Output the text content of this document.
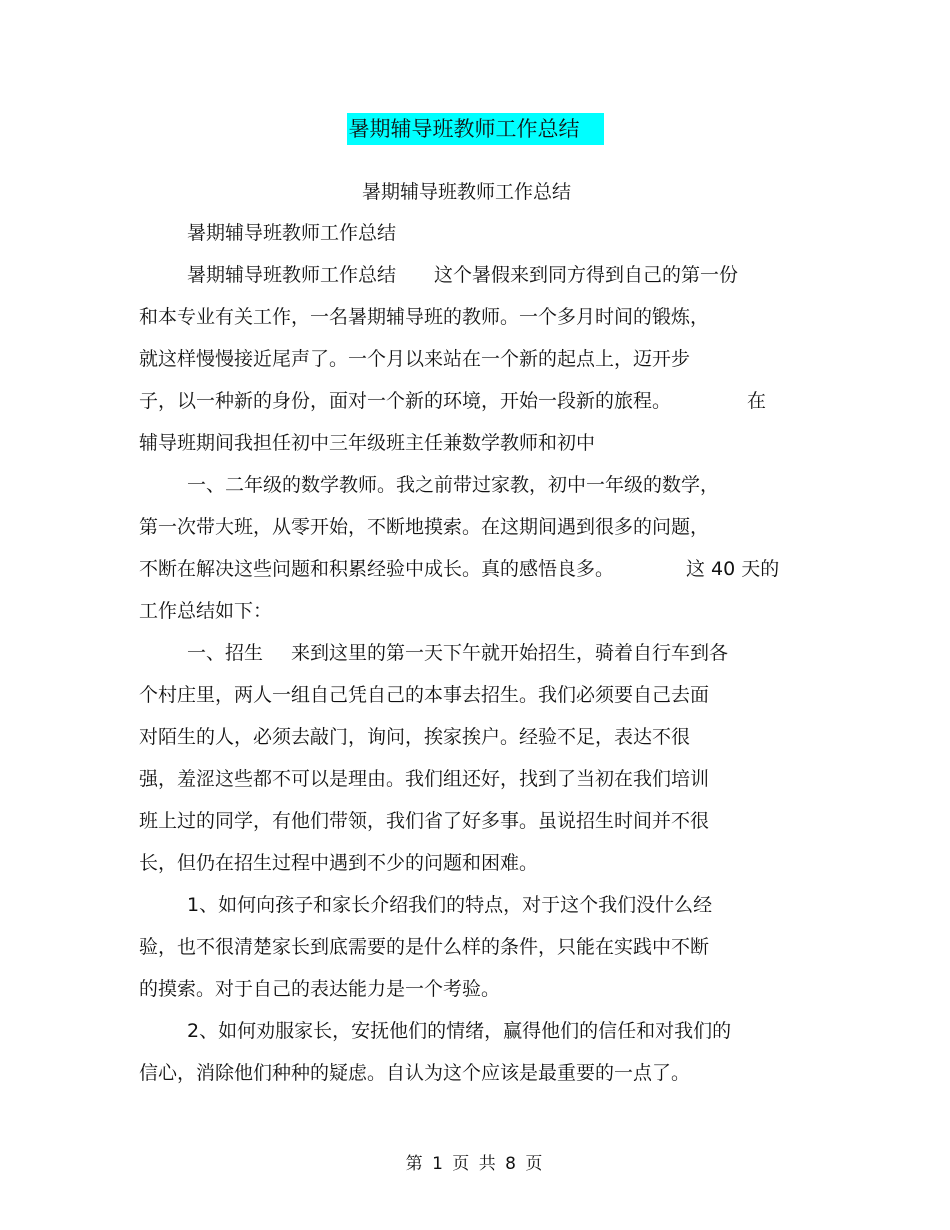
暑期辅导班教师工作总结
暑期辅导班教师工作总结

暑期辅导班教师工作总结

暑期辅导班教师工作总结 这个暑假来到同方得到自己的第一份

和本专业有关工作，一名暑期辅导班的教师。一个多月时间的锻炼，

就这样慢慢接近尾声了。一个月以来站在一个新的起点上，迈开步

子，以一种新的身份，面对一个新的环境，开始一段新的旅程。	在

辅导班期间我担任初中三年级班主任兼数学教师和初中

一、二年级的数学教师。我之前带过家教，初中一年级的数学，

第一次带大班，从零开始，不断地摸索。在这期间遇到很多的问题，

不断在解决这些问题和积累经验中成长。真的感悟良多。	这 40 天的

工作总结如下：

一、招生 来到这里的第一天下午就开始招生，骑着自行车到各

个村庄里，两人一组自己凭自己的本事去招生。我们必须要自己去面

对陌生的人，必须去敲门，询问，挨家挨户。经验不足，表达不很

强，羞涩这些都不可以是理由。我们组还好，找到了当初在我们培训

班上过的同学，有他们带领，我们省了好多事。虽说招生时间并不很

长，但仍在招生过程中遇到不少的问题和困难。

1、如何向孩子和家长介绍我们的特点，对于这个我们没什么经

验，也不很清楚家长到底需要的是什么样的条件，只能在实践中不断

的摸索。对于自己的表达能力是一个考验。

2、如何劝服家长，安抚他们的情绪，赢得他们的信任和对我们的

信心，消除他们种种的疑虑。自认为这个应该是最重要的一点了。

第 1 页 共 8 页
